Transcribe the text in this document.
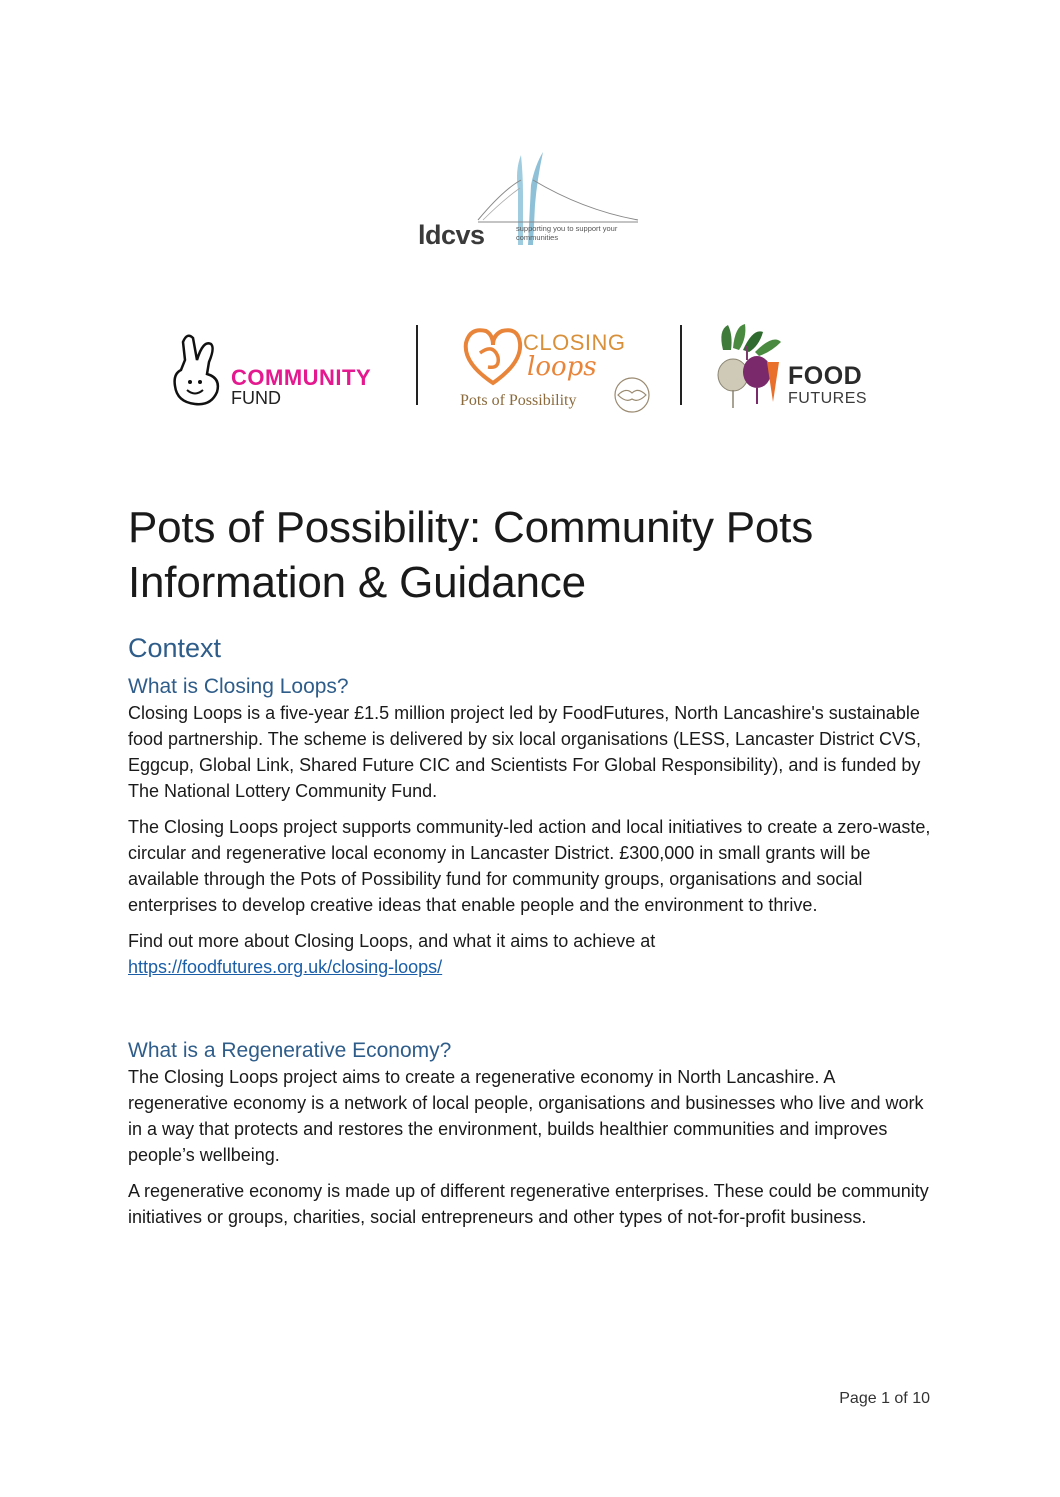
ldcvs	supporting you to support your communities
COMMUNITY
FUND
CLOSING
loops
Pots of Possibility
FOOD
FUTURES
Pots of Possibility: Community Pots Information & Guidance
Context
What is Closing Loops?

Closing Loops is a five-year £1.5 million project led by FoodFutures, North Lancashire's sustainable food partnership. The scheme is delivered by six local organisations (LESS, Lancaster District CVS, Eggcup, Global Link, Shared Future CIC and Scientists For Global Responsibility), and is funded by The National Lottery Community Fund.

The Closing Loops project supports community-led action and local initiatives to create a zero-waste, circular and regenerative local economy in Lancaster District. £300,000 in small grants will be available through the Pots of Possibility fund for community groups, organisations and social enterprises to develop creative ideas that enable people and the environment to thrive.

Find out more about Closing Loops, and what it aims to achieve at
https://foodfutures.org.uk/closing-loops/

What is a Regenerative Economy?

The Closing Loops project aims to create a regenerative economy in North Lancashire. A regenerative economy is a network of local people, organisations and businesses who live and work in a way that protects and restores the environment, builds healthier communities and improves people’s wellbeing.

A regenerative economy is made up of different regenerative enterprises. These could be community initiatives or groups, charities, social entrepreneurs and other types of not-for-profit business.

Page 1 of 10
